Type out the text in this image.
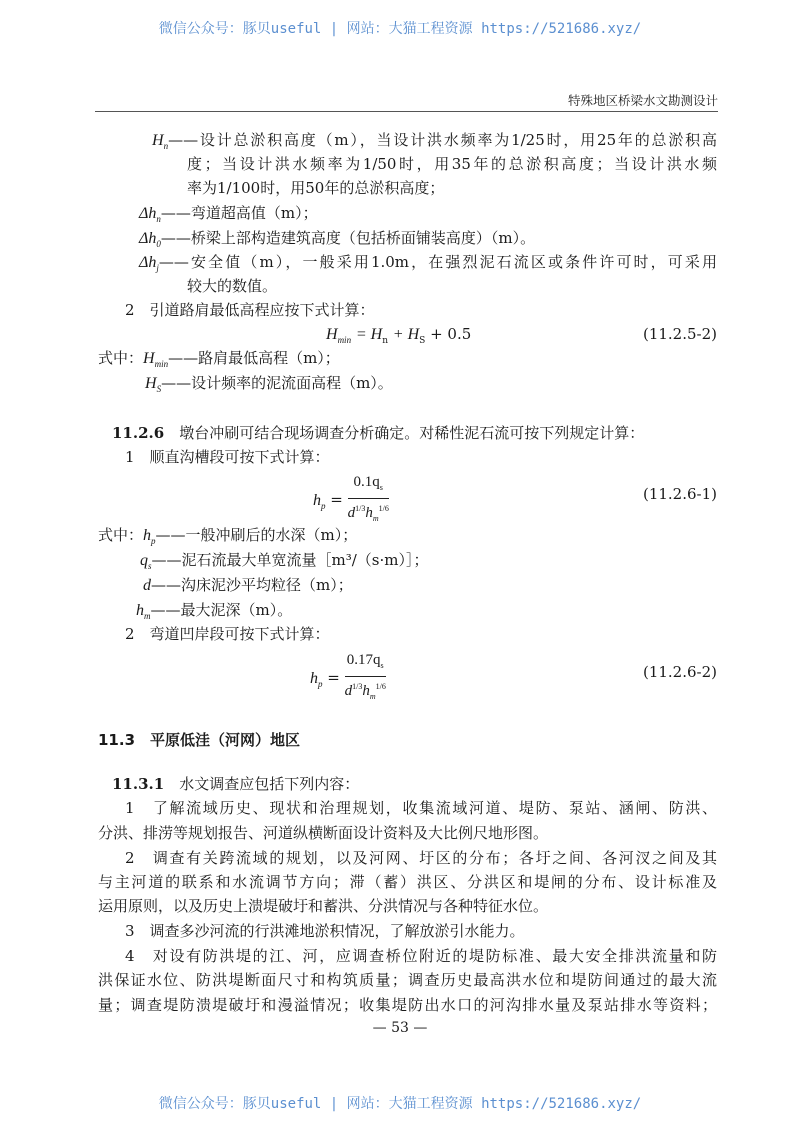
微信公众号：豚贝useful | 网站：大猫工程资源 https://521686.xyz/
特殊地区桥梁水文勘测设计
$H_n$ ——设计总淤积高度（m），当设计洪水频率为1/25时，用25年的总淤积高
度；当设计洪水频率为1/50时，用35年的总淤积高度；当设计洪水频
率为1/100时，用50年的总淤积高度；
$\Delta h_n——$弯道超高值（m）；
$\Delta h_0——$桥梁上部构造建筑高度（包括桥面铺装高度）（m）。
$\Delta h_j$ ——安全值（m），一般采用1.0m，在强烈泥石流区或条件许可时，可采用
较大的数值。
2　引道路肩最低高程应按下式计算：
$H_{min} = H_n + H_S + 0.5$	(11.2.5-2)
式中：$H_{min}——$路肩最低高程（m）；
$H_S——$设计频率的泥流面高程（m）。
11.2.6　 墩台冲刷可结合现场调查分析确定。对稀性泥石流可按下列规定计算：
1　顺直沟槽段可按下式计算：
$h_p = \frac{0.1q_s}{d^{1/3}h_m^{1/6}}$	(11.2.6-1)
式中：$h_p——$一般冲刷后的水深（m）；
$q_s——$泥石流最大单宽流量［m³/（s·m）］；
d——沟床泥沙平均粒径（m）；
$h_m——$最大泥深（m）。
2　弯道凹岸段可按下式计算：
$h_p = \frac{0.17q_s}{d^{1/3}h_m^{1/6}}$	(11.2.6-2)
11.3　 平原低洼（河网）地区
11.3.1　 水文调查应包括下列内容：
1　了解流域历史、现状和治理规划，收集流域河道、堤防、泵站、涵闸、防洪、
分洪、排涝等规划报告、河道纵横断面设计资料及大比例尺地形图。
2　调查有关跨流域的规划，以及河网、圩区的分布；各圩之间、各河汊之间及其
与主河道的联系和水流调节方向；滞（蓄）洪区、分洪区和堤闸的分布、设计标准及
运用原则，以及历史上溃堤破圩和蓄洪、分洪情况与各种特征水位。
3　调查多沙河流的行洪滩地淤积情况，了解放淤引水能力。
4　对设有防洪堤的江、河，应调查桥位附近的堤防标准、最大安全排洪流量和防
洪保证水位、防洪堤断面尺寸和构筑质量；调查历史最高洪水位和堤防间通过的最大流
量；调查堤防溃堤破圩和漫溢情况；收集堤防出水口的河沟排水量及泵站排水等资料；
— 53 —
微信公众号：豚贝useful | 网站：大猫工程资源 https://521686.xyz/
